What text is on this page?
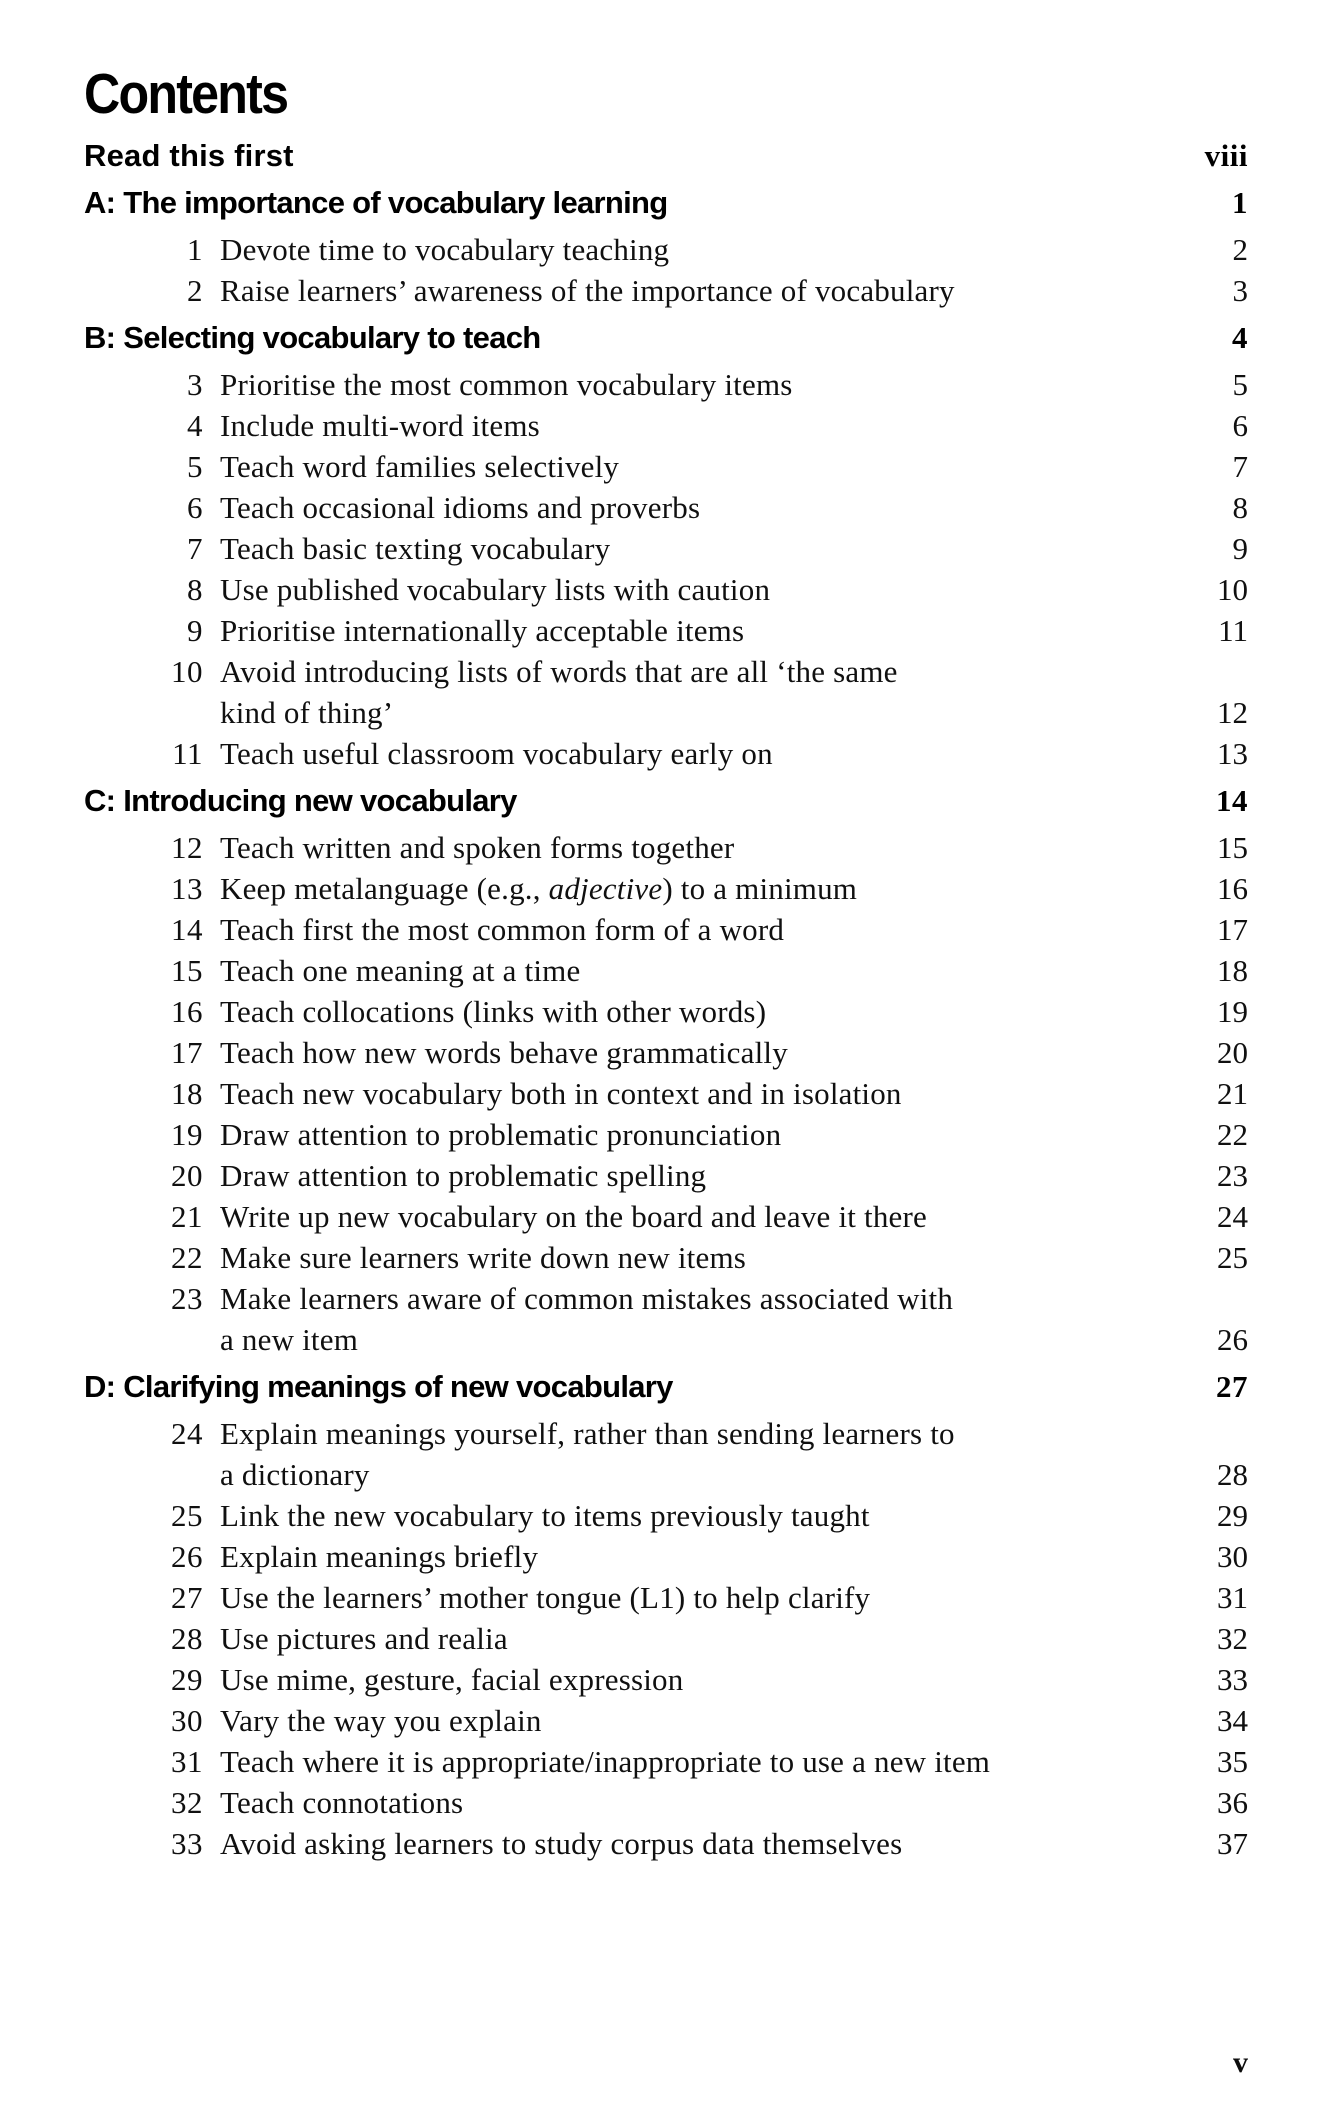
Contents
Read this first	viii
A: The importance of vocabulary learning	1
1 Devote time to vocabulary teaching	2
2 Raise learners’ awareness of the importance of vocabulary	3
B: Selecting vocabulary to teach	4
3 Prioritise the most common vocabulary items	5
4 Include multi-word items	6
5 Teach word families selectively	7
6 Teach occasional idioms and proverbs	8
7 Teach basic texting vocabulary	9
8 Use published vocabulary lists with caution	10
9 Prioritise internationally acceptable items	11
10 Avoid introducing lists of words that are all ‘the same
kind of thing’	12
11 Teach useful classroom vocabulary early on	13
C: Introducing new vocabulary	14
12 Teach written and spoken forms together	15
13 Keep metalanguage (e.g., adjective) to a minimum	16
14 Teach first the most common form of a word	17
15 Teach one meaning at a time	18
16 Teach collocations (links with other words)	19
17 Teach how new words behave grammatically	20
18 Teach new vocabulary both in context and in isolation	21
19 Draw attention to problematic pronunciation	22
20 Draw attention to problematic spelling	23
21 Write up new vocabulary on the board and leave it there	24
22 Make sure learners write down new items	25
23 Make learners aware of common mistakes associated with
a new item	26
D: Clarifying meanings of new vocabulary	27
24 Explain meanings yourself, rather than sending learners to
a dictionary	28
25 Link the new vocabulary to items previously taught	29
26 Explain meanings briefly	30
27 Use the learners’ mother tongue (L1) to help clarify	31
28 Use pictures and realia	32
29 Use mime, gesture, facial expression	33
30 Vary the way you explain	34
31 Teach where it is appropriate/inappropriate to use a new item	35
32 Teach connotations	36
33 Avoid asking learners to study corpus data themselves	37
v
